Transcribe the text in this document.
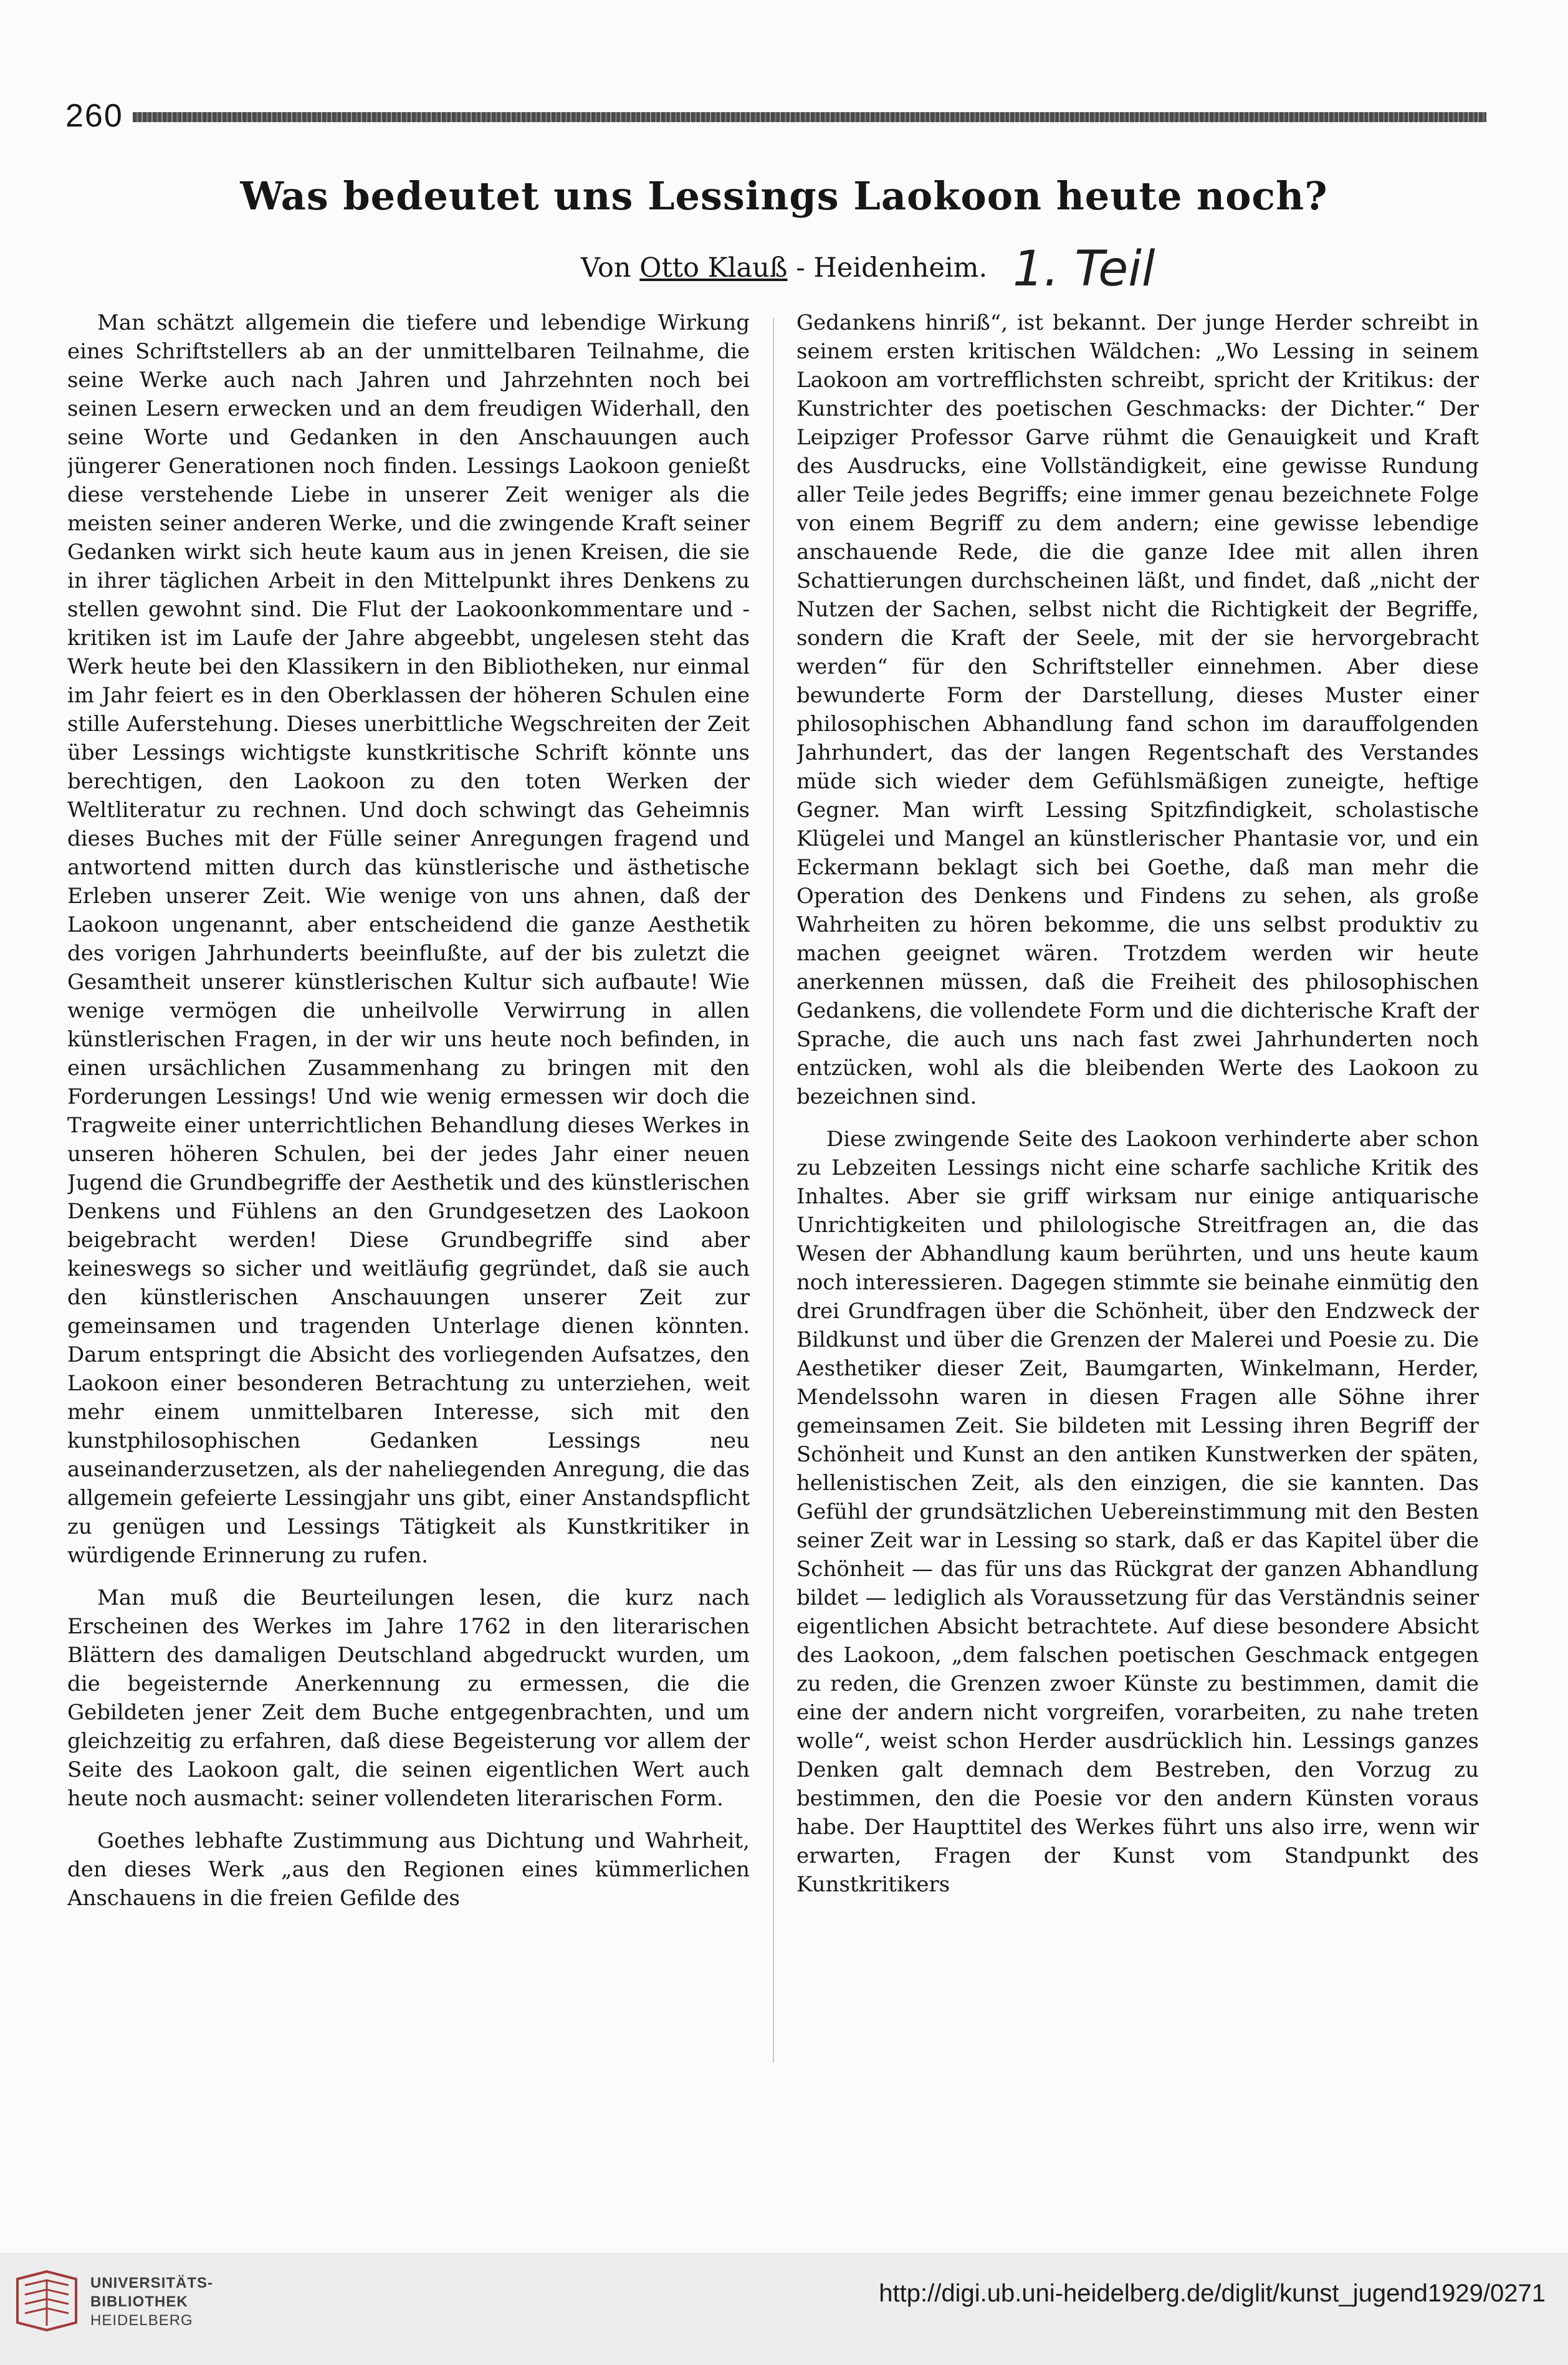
260
Was bedeutet uns Lessings Laokoon heute noch?
Von Otto Klauß - Heidenheim. 1. Teil

Man schätzt allgemein die tiefere und lebendige Wirkung eines Schriftstellers ab an der unmittelbaren Teilnahme, die seine Werke auch nach Jahren und Jahrzehnten noch bei seinen Lesern erwecken und an dem freudigen Widerhall, den seine Worte und Gedanken in den Anschauungen auch jüngerer Generationen noch finden. Lessings Laokoon genießt diese verstehende Liebe in unserer Zeit weniger als die meisten seiner anderen Werke, und die zwingende Kraft seiner Gedanken wirkt sich heute kaum aus in jenen Kreisen, die sie in ihrer täglichen Arbeit in den Mittelpunkt ihres Denkens zu stellen gewohnt sind. Die Flut der Laokoonkommentare und -kritiken ist im Laufe der Jahre abgeebbt, ungelesen steht das Werk heute bei den Klassikern in den Bibliotheken, nur einmal im Jahr feiert es in den Oberklassen der höheren Schulen eine stille Auferstehung. Dieses unerbittliche Wegschreiten der Zeit über Lessings wichtigste kunstkritische Schrift könnte uns berechtigen, den Laokoon zu den toten Werken der Weltliteratur zu rechnen. Und doch schwingt das Geheimnis dieses Buches mit der Fülle seiner Anregungen fragend und antwortend mitten durch das künstlerische und ästhetische Erleben unserer Zeit. Wie wenige von uns ahnen, daß der Laokoon ungenannt, aber entscheidend die ganze Aesthetik des vorigen Jahrhunderts beeinflußte, auf der bis zuletzt die Gesamtheit unserer künstlerischen Kultur sich aufbaute! Wie wenige vermögen die unheilvolle Verwirrung in allen künstlerischen Fragen, in der wir uns heute noch befinden, in einen ursächlichen Zusammenhang zu bringen mit den Forderungen Lessings! Und wie wenig ermessen wir doch die Tragweite einer unterrichtlichen Behandlung dieses Werkes in unseren höheren Schulen, bei der jedes Jahr einer neuen Jugend die Grundbegriffe der Aesthetik und des künstlerischen Denkens und Fühlens an den Grundgesetzen des Laokoon beigebracht werden! Diese Grundbegriffe sind aber keineswegs so sicher und weitläufig gegründet, daß sie auch den künstlerischen Anschauungen unserer Zeit zur gemeinsamen und tragenden Unterlage dienen könnten. Darum entspringt die Absicht des vorliegenden Aufsatzes, den Laokoon einer besonderen Betrachtung zu unterziehen, weit mehr einem unmittelbaren Interesse, sich mit den kunstphilosophischen Gedanken Lessings neu auseinanderzusetzen, als der naheliegenden Anregung, die das allgemein gefeierte Lessingjahr uns gibt, einer Anstandspflicht zu genügen und Lessings Tätigkeit als Kunstkritiker in würdigende Erinnerung zu rufen.

Man muß die Beurteilungen lesen, die kurz nach Erscheinen des Werkes im Jahre 1762 in den literarischen Blättern des damaligen Deutschland abgedruckt wurden, um die begeisternde Anerkennung zu ermessen, die die Gebildeten jener Zeit dem Buche entgegenbrachten, und um gleichzeitig zu erfahren, daß diese Begeisterung vor allem der Seite des Laokoon galt, die seinen eigentlichen Wert auch heute noch ausmacht: seiner vollendeten literarischen Form.

Goethes lebhafte Zustimmung aus Dichtung und Wahrheit, den dieses Werk „aus den Regionen eines kümmerlichen Anschauens in die freien Gefilde des

Gedankens hinriß“, ist bekannt. Der junge Herder schreibt in seinem ersten kritischen Wäldchen: „Wo Lessing in seinem Laokoon am vortrefflichsten schreibt, spricht der Kritikus: der Kunstrichter des poetischen Geschmacks: der Dichter.“ Der Leipziger Professor Garve rühmt die Genauigkeit und Kraft des Ausdrucks, eine Vollständigkeit, eine gewisse Rundung aller Teile jedes Begriffs; eine immer genau bezeichnete Folge von einem Begriff zu dem andern; eine gewisse lebendige anschauende Rede, die die ganze Idee mit allen ihren Schattierungen durchscheinen läßt, und findet, daß „nicht der Nutzen der Sachen, selbst nicht die Richtigkeit der Begriffe, sondern die Kraft der Seele, mit der sie hervorgebracht werden“ für den Schriftsteller einnehmen. Aber diese bewunderte Form der Darstellung, dieses Muster einer philosophischen Abhandlung fand schon im darauffolgenden Jahrhundert, das der langen Regentschaft des Verstandes müde sich wieder dem Gefühlsmäßigen zuneigte, heftige Gegner. Man wirft Lessing Spitzfindigkeit, scholastische Klügelei und Mangel an künstlerischer Phantasie vor, und ein Eckermann beklagt sich bei Goethe, daß man mehr die Operation des Denkens und Findens zu sehen, als große Wahrheiten zu hören bekomme, die uns selbst produktiv zu machen geeignet wären. Trotzdem werden wir heute anerkennen müssen, daß die Freiheit des philosophischen Gedankens, die vollendete Form und die dichterische Kraft der Sprache, die auch uns nach fast zwei Jahrhunderten noch entzücken, wohl als die bleibenden Werte des Laokoon zu bezeichnen sind.

Diese zwingende Seite des Laokoon verhinderte aber schon zu Lebzeiten Lessings nicht eine scharfe sachliche Kritik des Inhaltes. Aber sie griff wirksam nur einige antiquarische Unrichtigkeiten und philologische Streitfragen an, die das Wesen der Abhandlung kaum berührten, und uns heute kaum noch interessieren. Dagegen stimmte sie beinahe einmütig den drei Grundfragen über die Schönheit, über den Endzweck der Bildkunst und über die Grenzen der Malerei und Poesie zu. Die Aesthetiker dieser Zeit, Baumgarten, Winkelmann, Herder, Mendelssohn waren in diesen Fragen alle Söhne ihrer gemeinsamen Zeit. Sie bildeten mit Lessing ihren Begriff der Schönheit und Kunst an den antiken Kunstwerken der späten, hellenistischen Zeit, als den einzigen, die sie kannten. Das Gefühl der grundsätzlichen Uebereinstimmung mit den Besten seiner Zeit war in Lessing so stark, daß er das Kapitel über die Schönheit — das für uns das Rückgrat der ganzen Abhandlung bildet — lediglich als Voraussetzung für das Verständnis seiner eigentlichen Absicht betrachtete. Auf diese besondere Absicht des Laokoon, „dem falschen poetischen Geschmack entgegen zu reden, die Grenzen zwoer Künste zu bestimmen, damit die eine der andern nicht vorgreifen, vorarbeiten, zu nahe treten wolle“, weist schon Herder ausdrücklich hin. Lessings ganzes Denken galt demnach dem Bestreben, den Vorzug zu bestimmen, den die Poesie vor den andern Künsten voraus habe. Der Haupttitel des Werkes führt uns also irre, wenn wir erwarten, Fragen der Kunst vom Standpunkt des Kunstkritikers

UNIVERSITÄTS-
BIBLIOTHEK
HEIDELBERG
http://digi.ub.uni-heidelberg.de/diglit/kunst_jugend1929/0271
